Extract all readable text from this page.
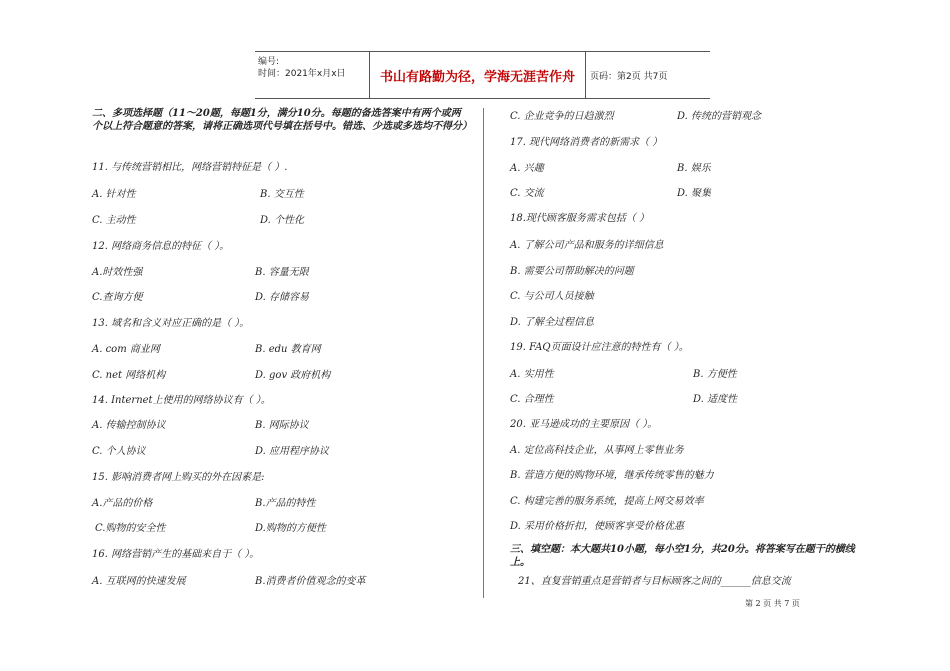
编号:
时间：2021年x月x日	书山有路勤为径，学海无涯苦作舟	页码：第2页 共7页
二、多项选择题（11～20题，每题1分，满分10分。每题的备选答案中有两个或两个以上符合题意的答案，请将正确选项代号填在括号中。错选、少选或多选均不得分）
11. 与传统营销相比，网络营销特征是（ ）.
A. 针对性	B. 交互性
C. 主动性	D. 个性化
12. 网络商务信息的特征（ ）。
A.时效性强	B. 容量无限
C.查询方便	D. 存储容易
13. 域名和含义对应正确的是（ ）。
A. com 商业网	B. edu 教育网
C. net 网络机构	D. gov 政府机构
14. Internet上使用的网络协议有（ ）。
A. 传输控制协议	B. 网际协议
C. 个人协议	D. 应用程序协议
15. 影响消费者网上购买的外在因素是:
A.产品的价格	B.产品的特性
C.购物的安全性	D.购物的方便性
16. 网络营销产生的基础来自于（ ）。
A. 互联网的快速发展	B.消费者价值观念的变革
C. 企业竞争的日趋激烈	D. 传统的营销观念
17. 现代网络消费者的新需求（ ）
A. 兴趣	B. 娱乐
C. 交流	D. 聚集
18.现代顾客服务需求包括（ ）
A. 了解公司产品和服务的详细信息
B. 需要公司帮助解决的问题
C. 与公司人员接触
D. 了解全过程信息
19. FAQ页面设计应注意的特性有（ ）。
A. 实用性	B. 方便性
C. 合理性	D. 适度性
20. 亚马逊成功的主要原因（ ）。
A. 定位高科技企业，从事网上零售业务
B. 营造方便的购物环境，继承传统零售的魅力
C. 构建完善的服务系统，提高上网交易效率
D. 采用价格折扣，使顾客享受价格优惠
三、填空题：本大题共10小题，每小空1分，共20分。将答案写在题干的横线上。
21、直复营销重点是营销者与目标顾客之间的______信息交流
第 2 页 共 7 页
